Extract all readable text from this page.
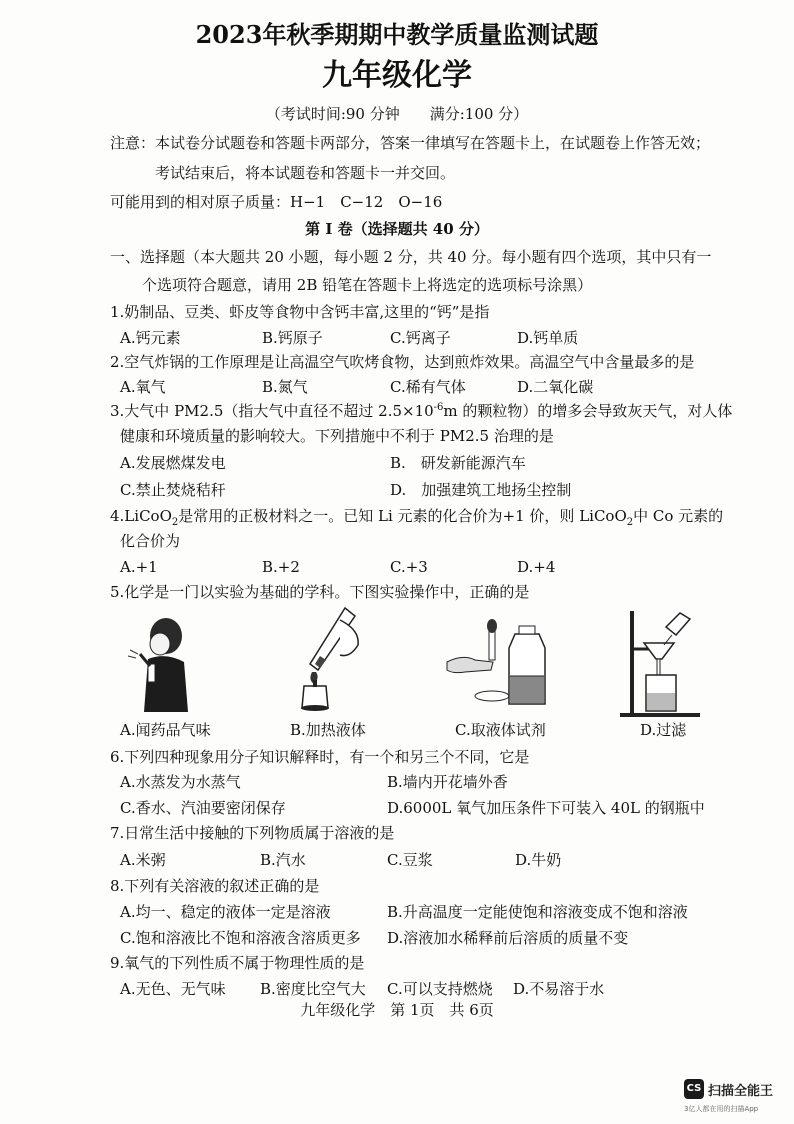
2023年秋季期期中教学质量监测试题
九年级化学
（考试时间:90 分钟　　满分:100 分）
注意：本试卷分试题卷和答题卡两部分，答案一律填写在答题卡上，在试题卷上作答无效；
考试结束后，将本试题卷和答题卡一并交回。
可能用到的相对原子质量：H−1　C−12　O−16
第 I 卷（选择题共 40 分）
一、选择题（本大题共 20 小题，每小题 2 分，共 40 分。每小题有四个选项，其中只有一
个选项符合题意，请用 2B 铅笔在答题卡上将选定的选项标号涂黑）
1.奶制品、豆类、虾皮等食物中含钙丰富,这里的“钙”是指
A.钙元素	B.钙原子	C.钙离子	D.钙单质
2.空气炸锅的工作原理是让高温空气吹烤食物，达到煎炸效果。高温空气中含量最多的是
A.氧气	B.氮气	C.稀有气体	D.二氧化碳
3.大气中 PM2.5（指大气中直径不超过 $2.5\times 10^{-6}m$ 的颗粒物）的增多会导致灰天气，对人体
健康和环境质量的影响较大。下列措施中不利于 PM2.5 治理的是
A.发展燃煤发电	B.　研发新能源汽车
C.禁止焚烧秸秆	D.　加强建筑工地扬尘控制
4.LiCoO$_2$是常用的正极材料之一。已知 Li 元素的化合价为+1 价，则 LiCoO$_2$中 Co 元素的
化合价为
A.+1	B.+2	C.+3	D.+4
5.化学是一门以实验为基础的学科。下图实验操作中，正确的是
A.闻药品气味	B.加热液体	C.取液体试剂	D.过滤
6.下列四种现象用分子知识解释时，有一个和另三个不同，它是
A.水蒸发为水蒸气	B.墙内开花墙外香
C.香水、汽油要密闭保存	D.6000L 氧气加压条件下可装入 40L 的钢瓶中
7.日常生活中接触的下列物质属于溶液的是
A.米粥	B.汽水	C.豆浆	D.牛奶
8.下列有关溶液的叙述正确的是
A.均一、稳定的液体一定是溶液	B.升高温度一定能使饱和溶液变成不饱和溶液
C.饱和溶液比不饱和溶液含溶质更多 D.溶液加水稀释前后溶质的质量不变
9.氧气的下列性质不属于物理性质的是
A.无色、无气味 B.密度比空气大 C.可以支持燃烧 D.不易溶于水
九年级化学　第 1页　共 6页
CS 扫描全能王
3亿人都在用的扫描App
